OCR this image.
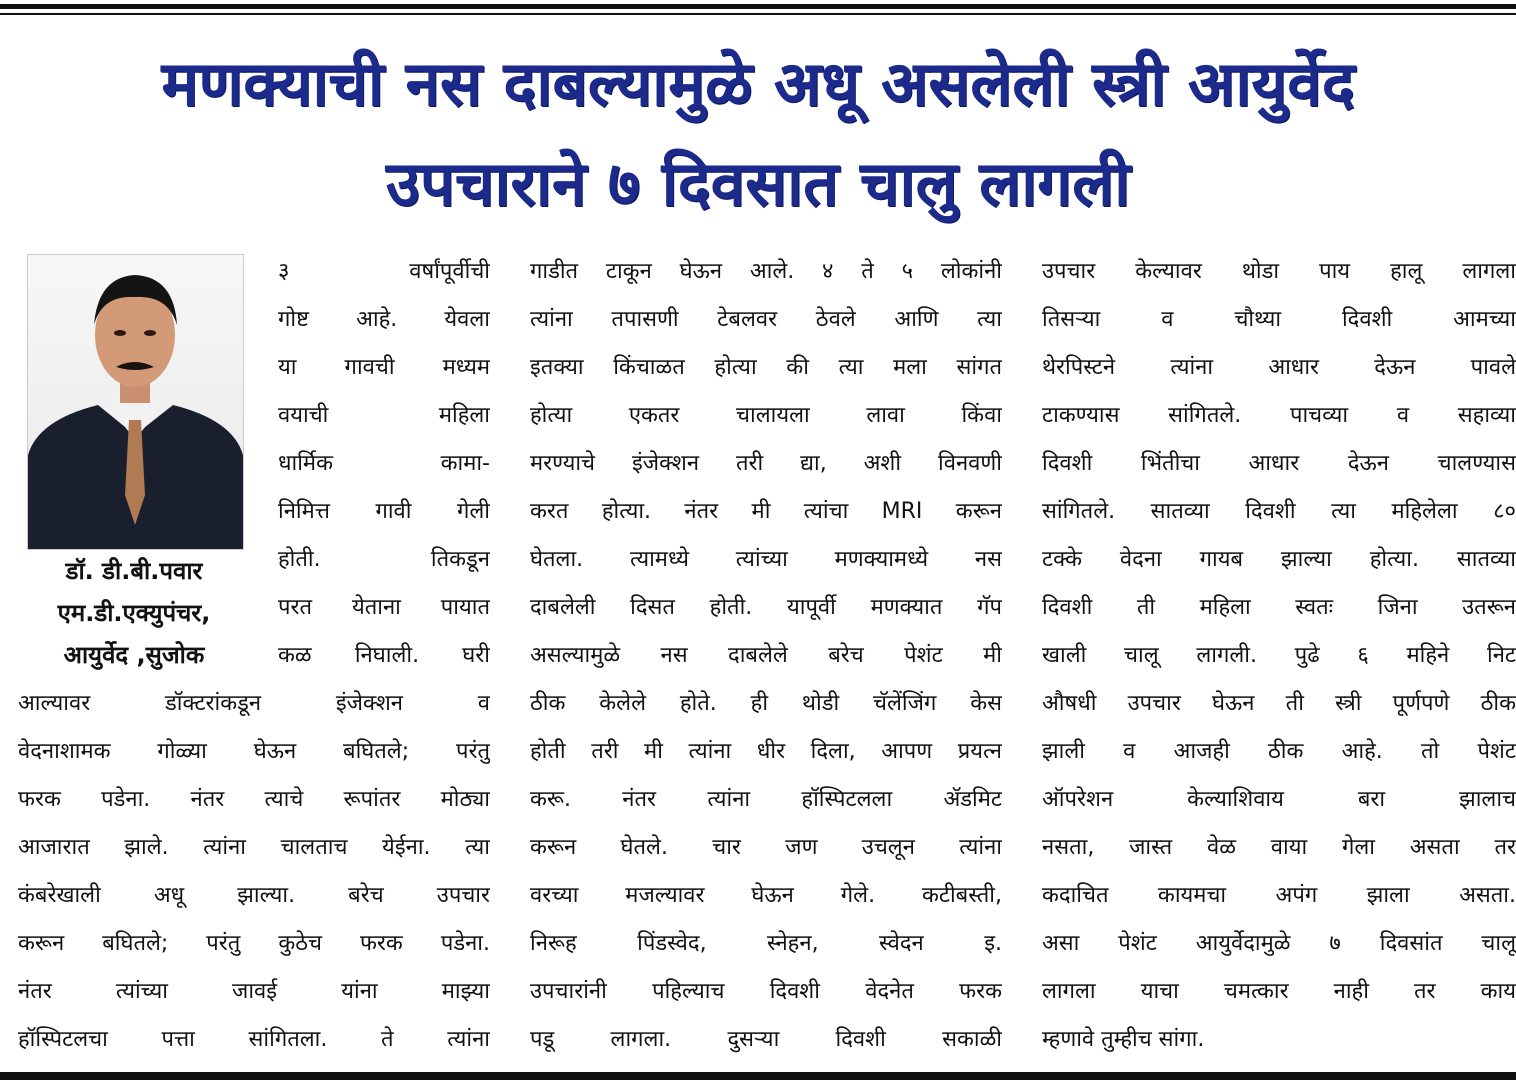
मणक्याची नस दाबल्यामुळे अधू असलेली स्त्री आयुर्वेद
उपचाराने ७ दिवसात चालु लागली
डॉ. डी.बी.पवार
एम.डी.एक्युपंचर,
आयुर्वेद ,सुजोक
३ वर्षांपूर्वीची
गोष्ट आहे. येवला
या गावची मध्यम
वयाची महिला
धार्मिक कामा-
निमित्त गावी गेली
होती. तिकडून
परत येताना पायात
कळ निघाली. घरी
आल्यावर डॉक्टरांकडून इंजेक्शन व
वेदनाशामक गोळ्या घेऊन बघितले; परंतु
फरक पडेना. नंतर त्याचे रूपांतर मोठ्या
आजारात झाले. त्यांना चालताच येईना. त्या
कंबरेखाली अधू झाल्या. बरेच उपचार
करून बघितले; परंतु कुठेच फरक पडेना.
नंतर त्यांच्या जावई यांना माझ्या
हॉस्पिटलचा पत्ता सांगितला. ते त्यांना
गाडीत टाकून घेऊन आले. ४ ते ५ लोकांनी
त्यांना तपासणी टेबलवर ठेवले आणि त्या
इतक्या किंचाळत होत्या की त्या मला सांगत
होत्या एकतर चालायला लावा किंवा
मरण्याचे इंजेक्शन तरी द्या, अशी विनवणी
करत होत्या. नंतर मी त्यांचा MRI करून
घेतला. त्यामध्ये त्यांच्या मणक्यामध्ये नस
दाबलेली दिसत होती. यापूर्वी मणक्यात गॅप
असल्यामुळे नस दाबलेले बरेच पेशंट मी
ठीक केलेले होते. ही थोडी चॅलेंजिंग केस
होती तरी मी त्यांना धीर दिला, आपण प्रयत्न
करू. नंतर त्यांना हॉस्पिटलला ॲडमिट
करून घेतले. चार जण उचलून त्यांना
वरच्या मजल्यावर घेऊन गेले. कटीबस्ती,
निरूह पिंडस्वेद, स्नेहन, स्वेदन इ.
उपचारांनी पहिल्याच दिवशी वेदनेत फरक
पडू लागला. दुसऱ्या दिवशी सकाळी
उपचार केल्यावर थोडा पाय हालू लागला
तिसऱ्या व चौथ्या दिवशी आमच्या
थेरपिस्टने त्यांना आधार देऊन पावले
टाकण्यास सांगितले. पाचव्या व सहाव्या
दिवशी भिंतीचा आधार देऊन चालण्यास
सांगितले. सातव्या दिवशी त्या महिलेला ८०
टक्के वेदना गायब झाल्या होत्या. सातव्या
दिवशी ती महिला स्वतः जिना उतरून
खाली चालू लागली. पुढे ६ महिने निट
औषधी उपचार घेऊन ती स्त्री पूर्णपणे ठीक
झाली व आजही ठीक आहे. तो पेशंट
ऑपरेशन केल्याशिवाय बरा झालाच
नसता, जास्त वेळ वाया गेला असता तर
कदाचित कायमचा अपंग झाला असता.
असा पेशंट आयुर्वेदामुळे ७ दिवसांत चालू
लागला याचा चमत्कार नाही तर काय
म्हणावे तुम्हीच सांगा.
